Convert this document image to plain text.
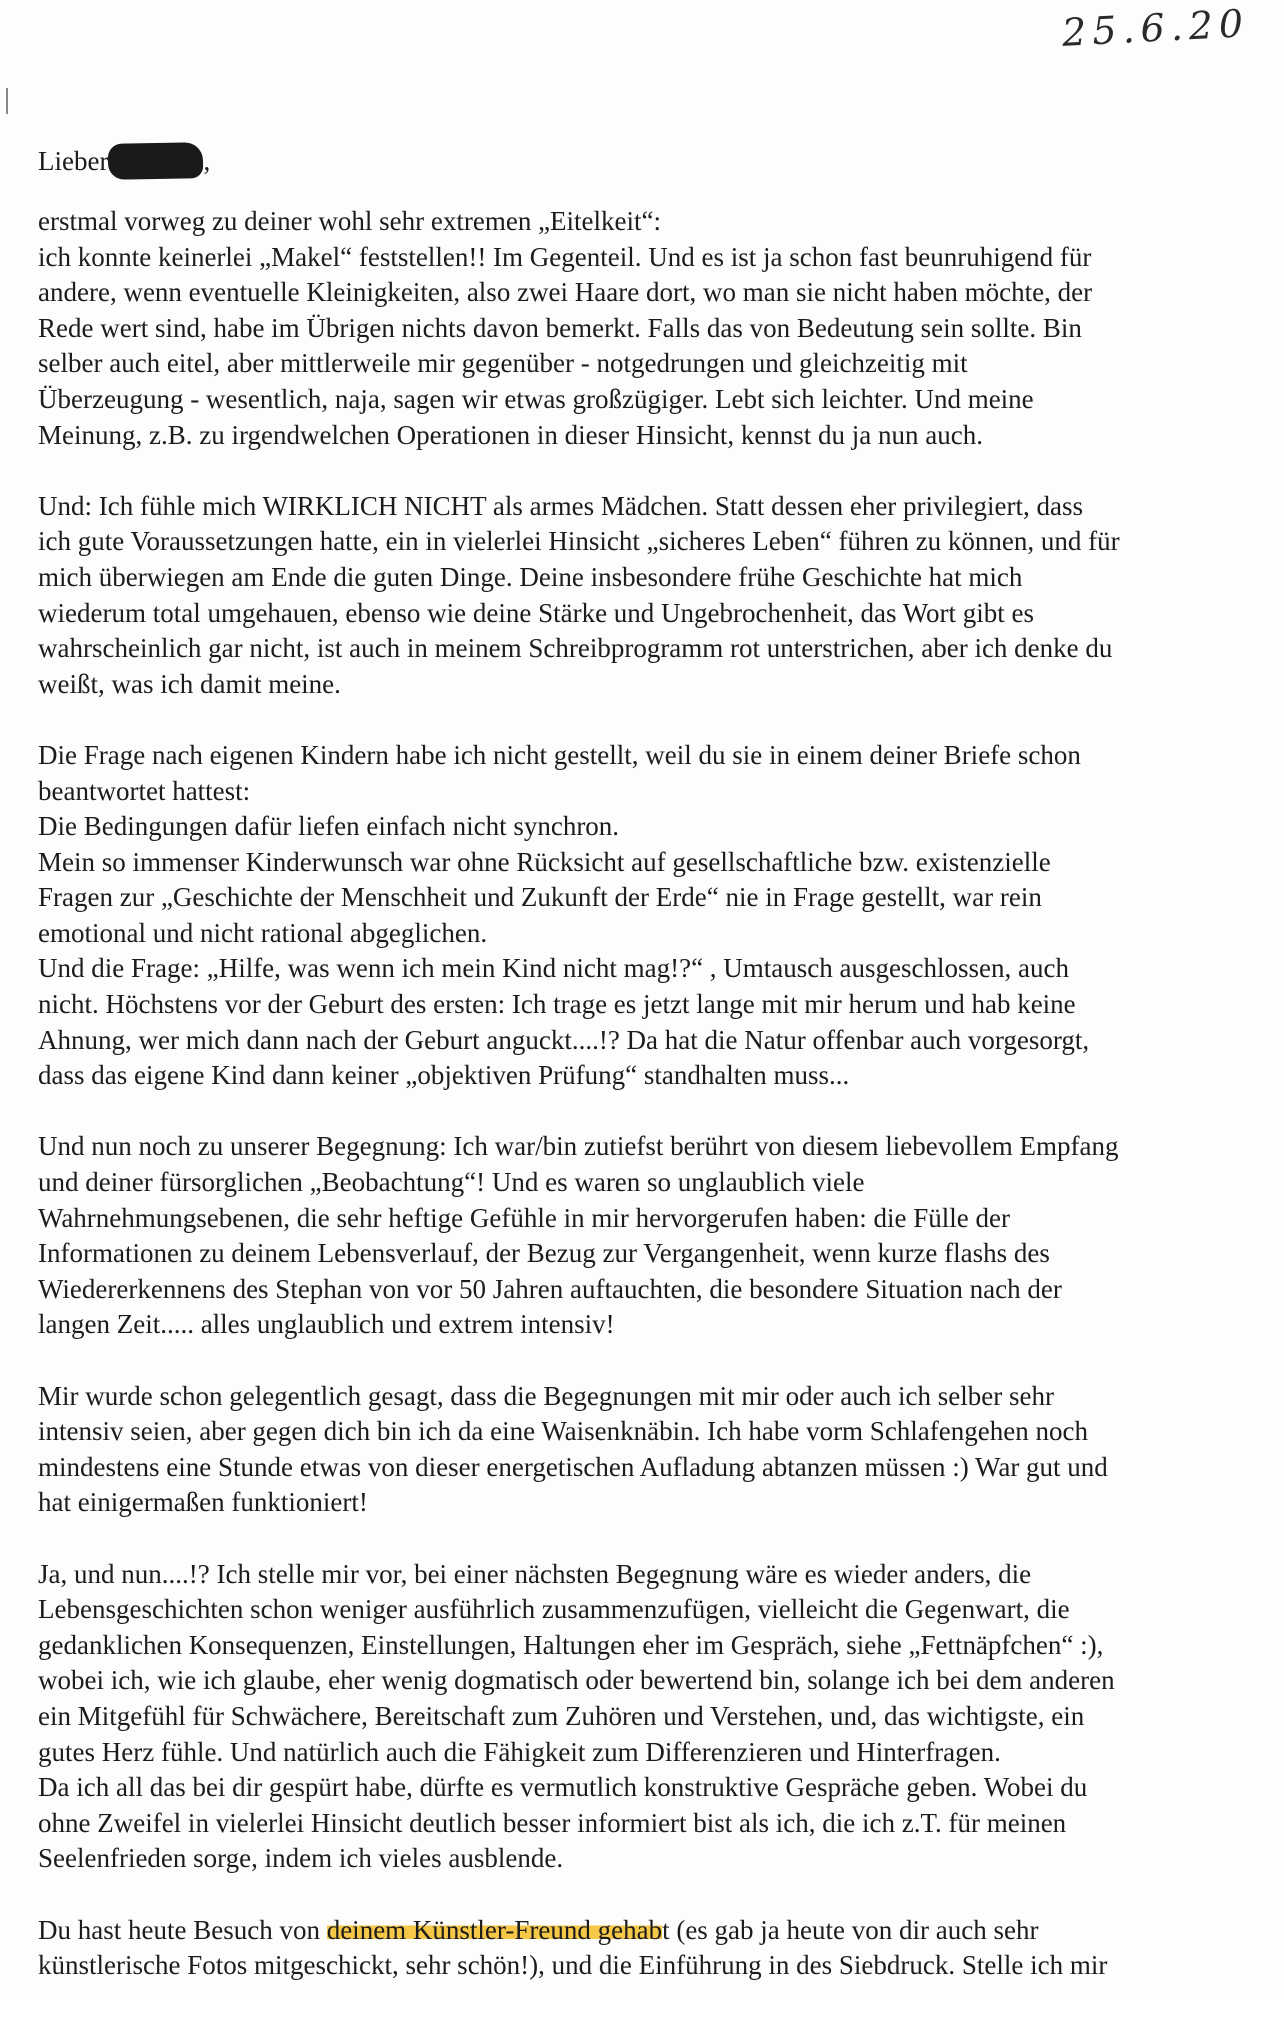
25.6.20
Lieber Stephan ,
erstmal vorweg zu deiner wohl sehr extremen „Eitelkeit“:
ich konnte keinerlei „Makel“ feststellen!! Im Gegenteil. Und es ist ja schon fast beunruhigend für
andere, wenn eventuelle Kleinigkeiten, also zwei Haare dort, wo man sie nicht haben möchte, der
Rede wert sind, habe im Übrigen nichts davon bemerkt. Falls das von Bedeutung sein sollte. Bin
selber auch eitel, aber mittlerweile mir gegenüber - notgedrungen und gleichzeitig mit
Überzeugung - wesentlich, naja, sagen wir etwas großzügiger. Lebt sich leichter. Und meine
Meinung, z.B. zu irgendwelchen Operationen in dieser Hinsicht, kennst du ja nun auch.
Und: Ich fühle mich WIRKLICH NICHT als armes Mädchen. Statt dessen eher privilegiert, dass
ich gute Voraussetzungen hatte, ein in vielerlei Hinsicht „sicheres Leben“ führen zu können, und für
mich überwiegen am Ende die guten Dinge. Deine insbesondere frühe Geschichte hat mich
wiederum total umgehauen, ebenso wie deine Stärke und Ungebrochenheit, das Wort gibt es
wahrscheinlich gar nicht, ist auch in meinem Schreibprogramm rot unterstrichen, aber ich denke du
weißt, was ich damit meine.
Die Frage nach eigenen Kindern habe ich nicht gestellt, weil du sie in einem deiner Briefe schon
beantwortet hattest:
Die Bedingungen dafür liefen einfach nicht synchron.
Mein so immenser Kinderwunsch war ohne Rücksicht auf gesellschaftliche bzw. existenzielle
Fragen zur „Geschichte der Menschheit und Zukunft der Erde“ nie in Frage gestellt, war rein
emotional und nicht rational abgeglichen.
Und die Frage: „Hilfe, was wenn ich mein Kind nicht mag!?“ , Umtausch ausgeschlossen, auch
nicht. Höchstens vor der Geburt des ersten: Ich trage es jetzt lange mit mir herum und hab keine
Ahnung, wer mich dann nach der Geburt anguckt....!? Da hat die Natur offenbar auch vorgesorgt,
dass das eigene Kind dann keiner „objektiven Prüfung“ standhalten muss...
Und nun noch zu unserer Begegnung: Ich war/bin zutiefst berührt von diesem liebevollem Empfang
und deiner fürsorglichen „Beobachtung“! Und es waren so unglaublich viele
Wahrnehmungsebenen, die sehr heftige Gefühle in mir hervorgerufen haben: die Fülle der
Informationen zu deinem Lebensverlauf, der Bezug zur Vergangenheit, wenn kurze flashs des
Wiedererkennens des Stephan von vor 50 Jahren auftauchten, die besondere Situation nach der
langen Zeit..... alles unglaublich und extrem intensiv!
Mir wurde schon gelegentlich gesagt, dass die Begegnungen mit mir oder auch ich selber sehr
intensiv seien, aber gegen dich bin ich da eine Waisenknäbin. Ich habe vorm Schlafengehen noch
mindestens eine Stunde etwas von dieser energetischen Aufladung abtanzen müssen :) War gut und
hat einigermaßen funktioniert!
Ja, und nun....!? Ich stelle mir vor, bei einer nächsten Begegnung wäre es wieder anders, die
Lebensgeschichten schon weniger ausführlich zusammenzufügen, vielleicht die Gegenwart, die
gedanklichen Konsequenzen, Einstellungen, Haltungen eher im Gespräch, siehe „Fettnäpfchen“ :),
wobei ich, wie ich glaube, eher wenig dogmatisch oder bewertend bin, solange ich bei dem anderen
ein Mitgefühl für Schwächere, Bereitschaft zum Zuhören und Verstehen, und, das wichtigste, ein
gutes Herz fühle. Und natürlich auch die Fähigkeit zum Differenzieren und Hinterfragen.
Da ich all das bei dir gespürt habe, dürfte es vermutlich konstruktive Gespräche geben. Wobei du
ohne Zweifel in vielerlei Hinsicht deutlich besser informiert bist als ich, die ich z.T. für meinen
Seelenfrieden sorge, indem ich vieles ausblende.
Du hast heute Besuch von deinem Künstler-Freund gehabt (es gab ja heute von dir auch sehr
künstlerische Fotos mitgeschickt, sehr schön!), und die Einführung in des Siebdruck. Stelle ich mir
